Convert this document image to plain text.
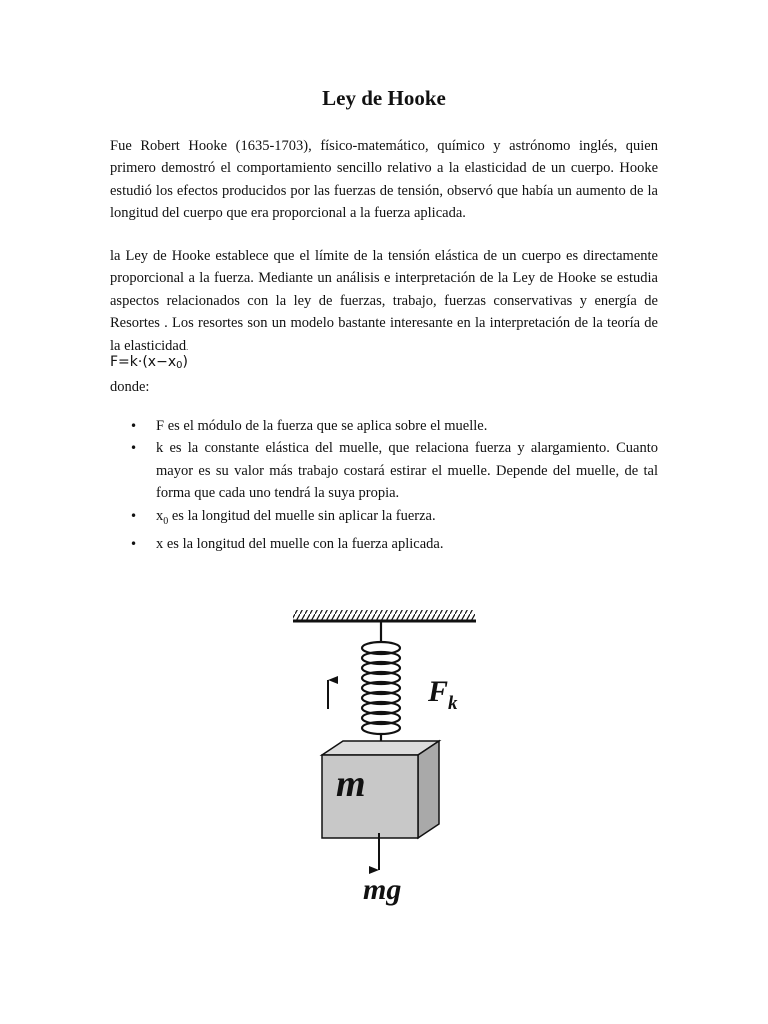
Ley de Hooke

Fue Robert Hooke (1635-1703), físico-matemático, químico y astrónomo inglés, quien primero demostró el comportamiento sencillo relativo a la elasticidad de un cuerpo. Hooke estudió los efectos producidos por las fuerzas de tensión, observó que había un aumento de la longitud del cuerpo que era proporcional a la fuerza aplicada.

la Ley de Hooke establece que el límite de la tensión elástica de un cuerpo es directamente proporcional a la fuerza. Mediante un análisis e interpretación de la Ley de Hooke se estudia aspectos relacionados con la ley de fuerzas, trabajo, fuerzas conservativas y energía de Resortes . Los resortes son un modelo bastante interesante en la interpretación de la teoría de la elasticidad.

$F=k\cdot(x-x_0)$

donde:

• F es el módulo de la fuerza que se aplica sobre el muelle.
• k es la constante elástica del muelle, que relaciona fuerza y alargamiento. Cuanto mayor es su valor más trabajo costará estirar el muelle. Depende del muelle, de tal forma que cada uno tendrá la suya propia.
• $x_0$ es la longitud del muelle sin aplicar la fuerza.
• x es la longitud del muelle con la fuerza aplicada.
$F_k$
m
mg
